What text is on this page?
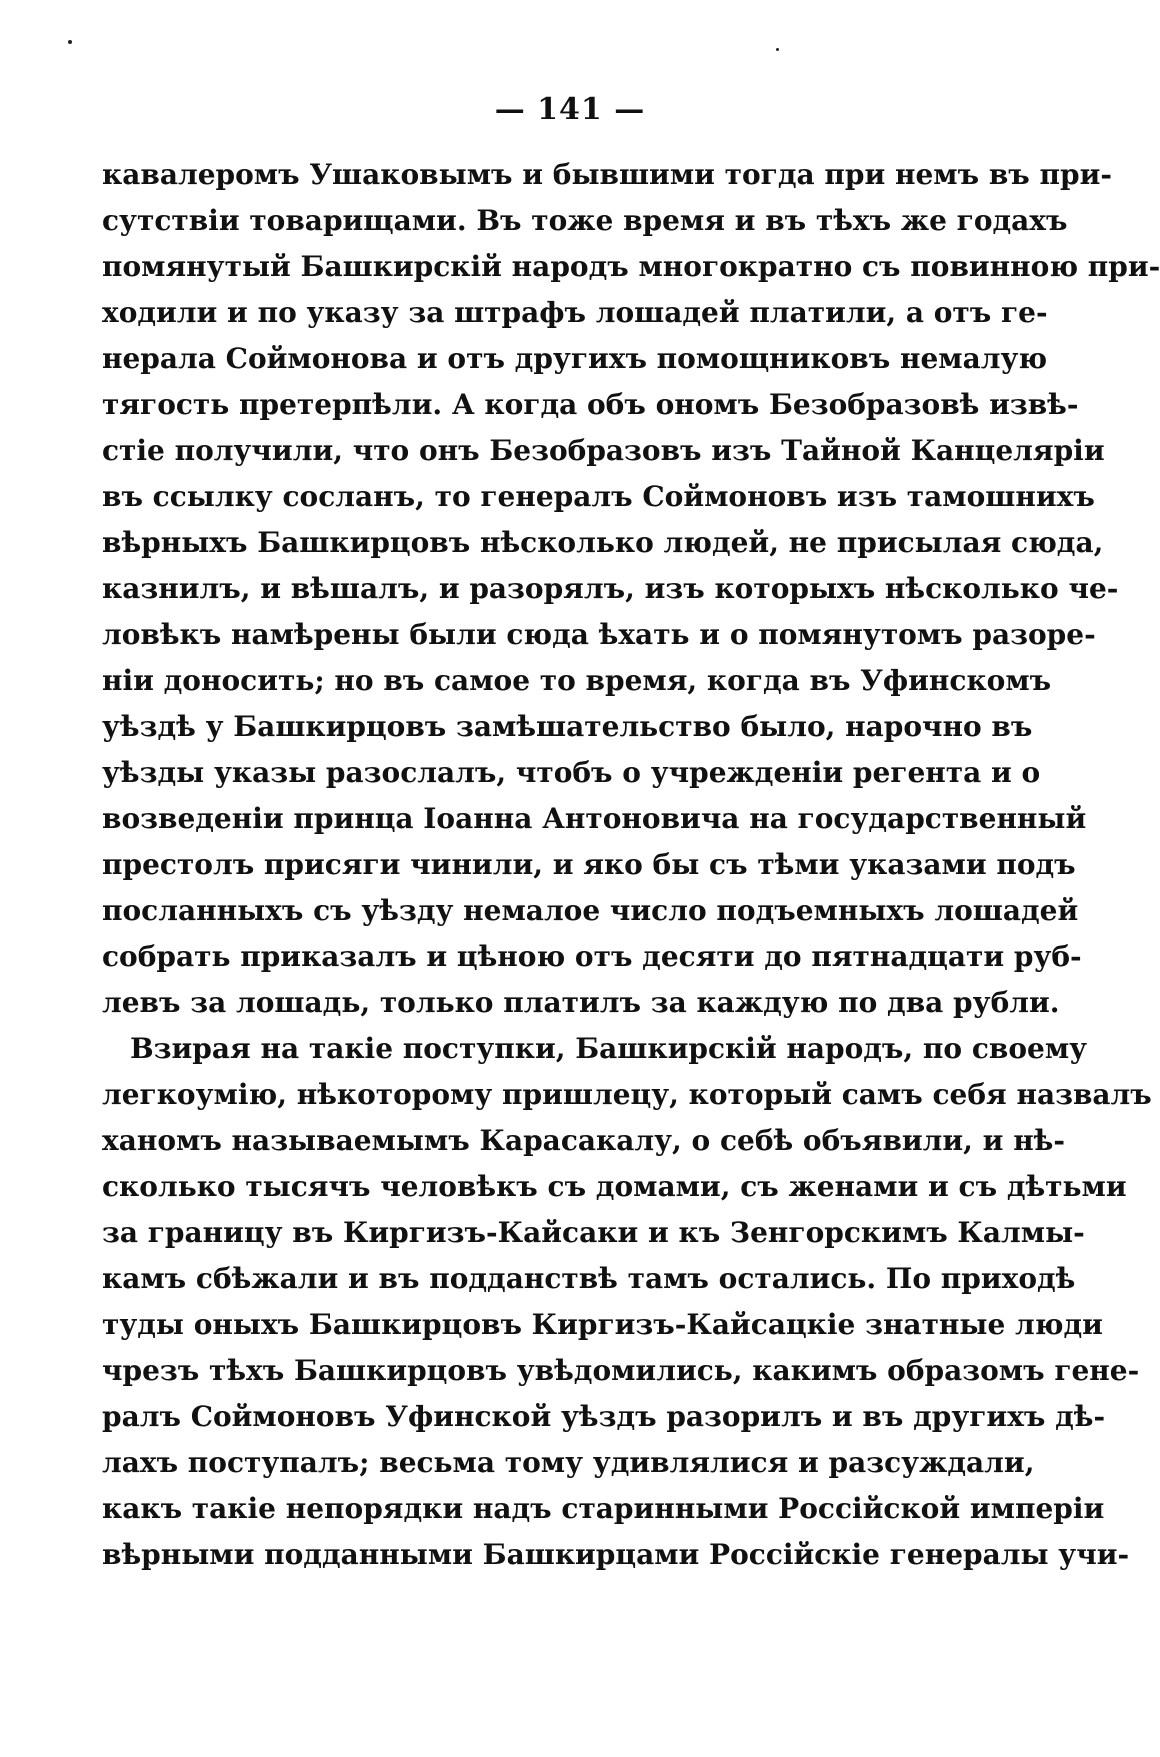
— 141 —
кавалеромъ Ушаковымъ и бывшими тогда при немъ въ при-
сутствіи товарищами. Въ тоже время и въ тѣхъ же годахъ
помянутый Башкирскій народъ многократно съ повинною при-
ходили и по указу за штрафъ лошадей платили, а отъ ге-
нерала Соймонова и отъ другихъ помощниковъ немалую
тягость претерпѣли. А когда объ ономъ Безобразовѣ извѣ-
стіе получили, что онъ Безобразовъ изъ Тайной Канцеляріи
въ ссылку сосланъ, то генералъ Соймоновъ изъ тамошнихъ
вѣрныхъ Башкирцовъ нѣсколько людей, не присылая сюда,
казнилъ, и вѣшалъ, и разорялъ, изъ которыхъ нѣсколько че-
ловѣкъ намѣрены были сюда ѣхать и о помянутомъ разоре-
ніи доносить; но въ самое то время, когда въ Уфинскомъ
уѣздѣ у Башкирцовъ замѣшательство было, нарочно въ
уѣзды указы разослалъ, чтобъ о учрежденіи регента и о
возведеніи принца Іоанна Антоновича на государственный
престолъ присяги чинили, и яко бы съ тѣми указами подъ
посланныхъ съ уѣзду немалое число подъемныхъ лошадей
собрать приказалъ и цѣною отъ десяти до пятнадцати руб-
левъ за лошадь, только платилъ за каждую по два рубли.
Взирая на такіе поступки, Башкирскій народъ, по своему
легкоумію, нѣкоторому пришлецу, который самъ себя назвалъ
ханомъ называемымъ Карасакалу, о себѣ объявили, и нѣ-
сколько тысячъ человѣкъ съ домами, съ женами и съ дѣтьми
за границу въ Киргизъ-Кайсаки и къ Зенгорскимъ Калмы-
камъ сбѣжали и въ подданствѣ тамъ остались. По приходѣ
туды оныхъ Башкирцовъ Киргизъ-Кайсацкіе знатные люди
чрезъ тѣхъ Башкирцовъ увѣдомились, какимъ образомъ гене-
ралъ Соймоновъ Уфинской уѣздъ разорилъ и въ другихъ дѣ-
лахъ поступалъ; весьма тому удивлялися и разсуждали,
какъ такіе непорядки надъ старинными Россійской имперіи
вѣрными подданными Башкирцами Россійскіе генералы учи-
